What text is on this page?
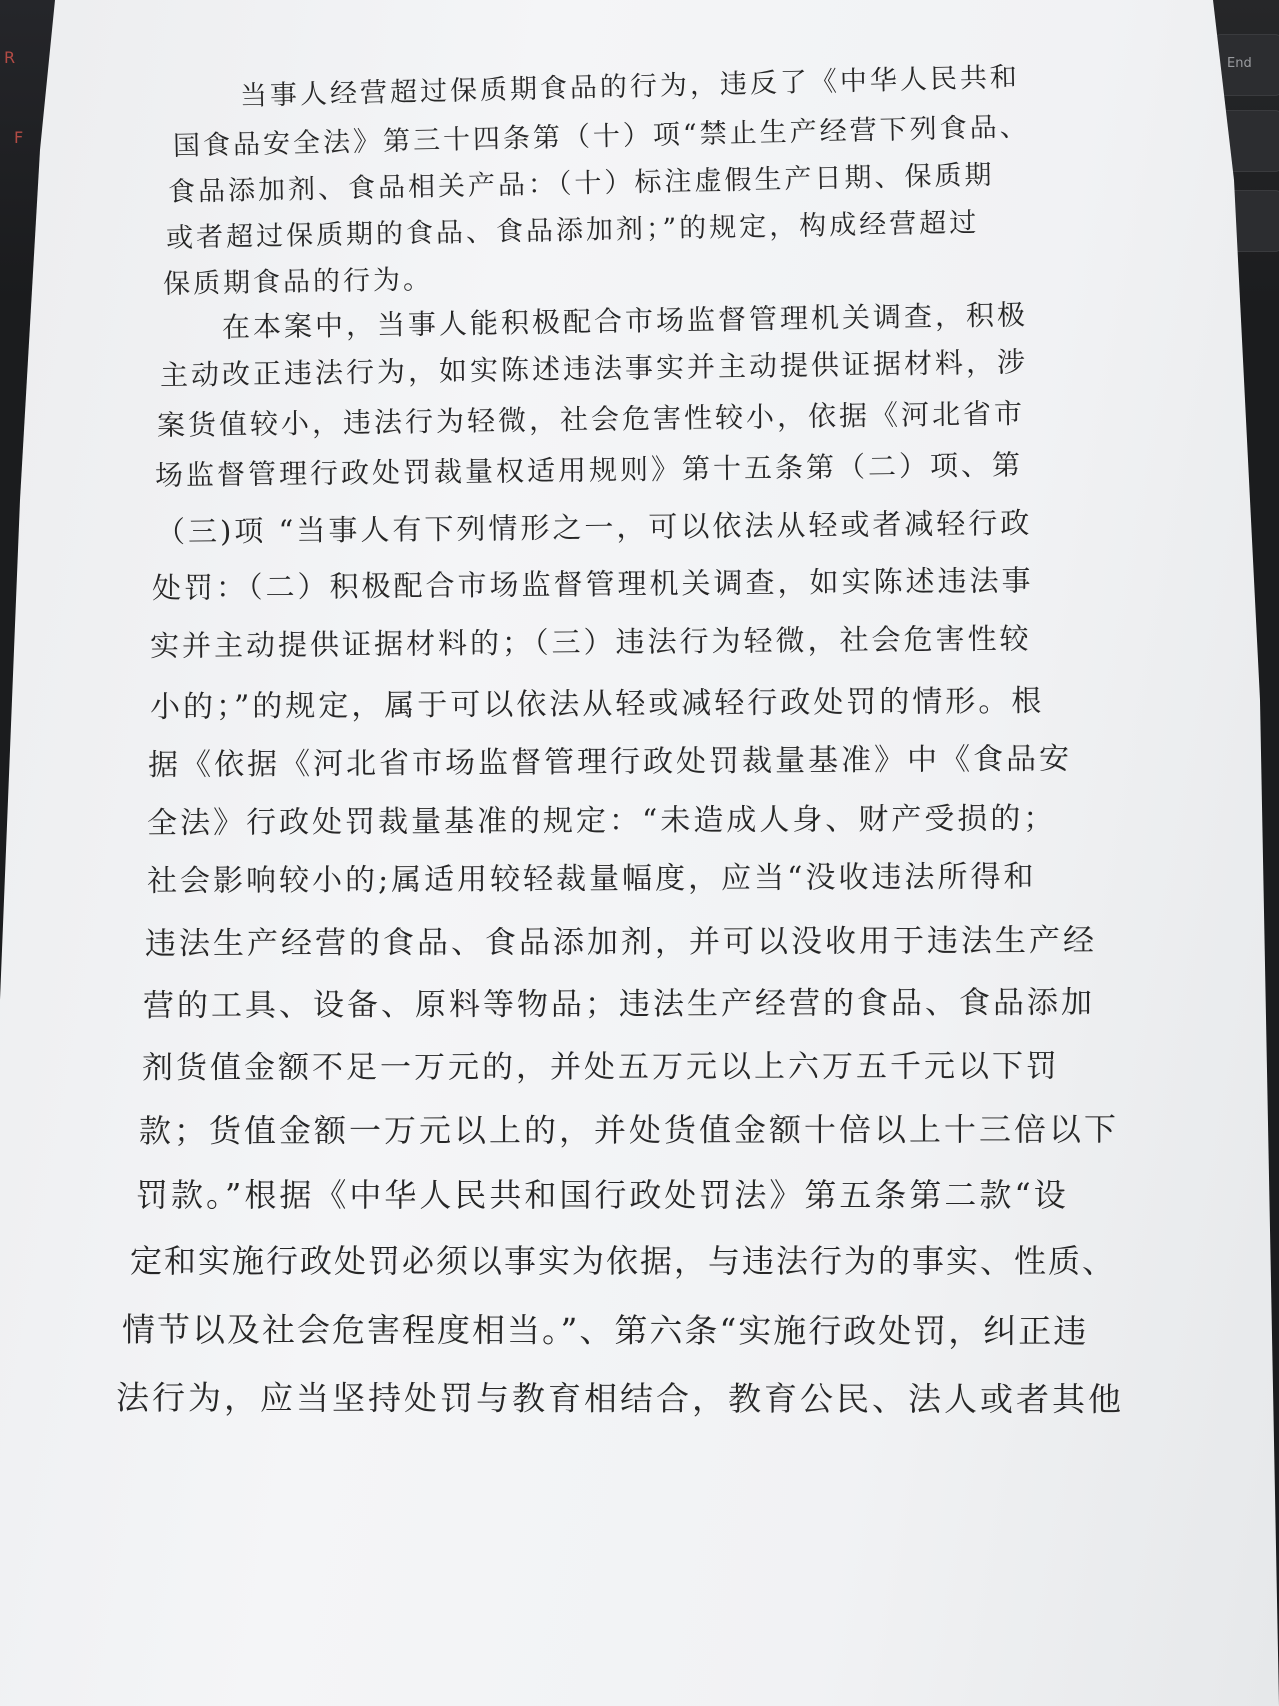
R
F
End
当事人经营超过保质期食品的行为，违反了《中华人民共和
国食品安全法》第三十四条第（十）项“禁止生产经营下列食品、
食品添加剂、食品相关产品：（十）标注虚假生产日期、保质期
或者超过保质期的食品、食品添加剂；”的规定，构成经营超过
保质期食品的行为。
在本案中，当事人能积极配合市场监督管理机关调查，积极
主动改正违法行为，如实陈述违法事实并主动提供证据材料，涉
案货值较小，违法行为轻微，社会危害性较小，依据《河北省市
场监督管理行政处罚裁量权适用规则》第十五条第（二）项、第
（三)项 “当事人有下列情形之一，可以依法从轻或者减轻行政
处罚：（二）积极配合市场监督管理机关调查，如实陈述违法事
实并主动提供证据材料的；（三）违法行为轻微，社会危害性较
小的；”的规定，属于可以依法从轻或减轻行政处罚的情形。根
据《依据《河北省市场监督管理行政处罚裁量基准》中《食品安
全法》行政处罚裁量基准的规定：“未造成人身、财产受损的；
社会影响较小的;属适用较轻裁量幅度，应当“没收违法所得和
违法生产经营的食品、食品添加剂，并可以没收用于违法生产经
营的工具、设备、原料等物品；违法生产经营的食品、食品添加
剂货值金额不足一万元的，并处五万元以上六万五千元以下罚
款；货值金额一万元以上的，并处货值金额十倍以上十三倍以下
罚款。”根据《中华人民共和国行政处罚法》第五条第二款“设
定和实施行政处罚必须以事实为依据，与违法行为的事实、性质、
情节以及社会危害程度相当。”、第六条“实施行政处罚，纠正违
法行为，应当坚持处罚与教育相结合，教育公民、法人或者其他
